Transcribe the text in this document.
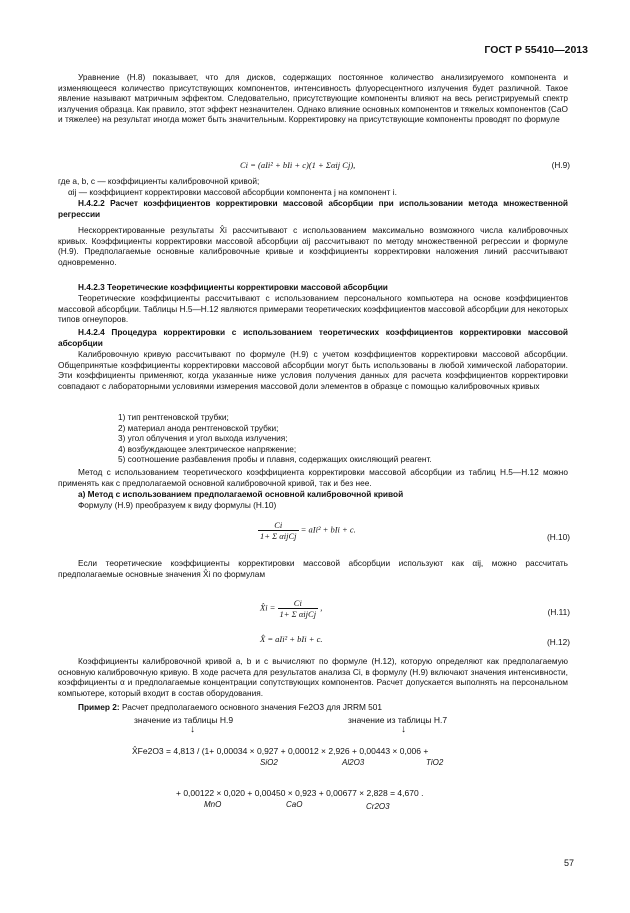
ГОСТ Р 55410—2013
Уравнение (Н.8) показывает, что для дисков, содержащих постоянное количество анализируемого компонента и изменяющееся количество присутствующих компонентов, интенсивность флуоресцентного излучения будет различной. Такое явление называют матричным эффектом. Следовательно, присутствующие компоненты влияют на весь регистрируемый спектр излучения образца. Как правило, этот эффект незначителен. Однако влияние основных компонентов и тяжелых компонентов (CaO и тяжелее) на результат иногда может быть значительным. Корректировку на присутствующие компоненты проводят по формуле
Ci = (aIi² + bIi + c)(1 + Σαij Cj),	(Н.9)
где a, b, c — коэффициенты калибровочной кривой;
αij — коэффициент корректировки массовой абсорбции компонента j на компонент i.
Н.4.2.2 Расчет коэффициентов корректировки массовой абсорбции при использовании метода множественной регрессии
Нескорректированные результаты X̂i рассчитывают с использованием максимально возможного числа калибровочных кривых. Коэффициенты корректировки массовой абсорбции αij рассчитывают по методу множественной регрессии и формуле (Н.9). Предполагаемые основные калибровочные кривые и коэффициенты корректировки наложения линий рассчитывают одновременно.
Н.4.2.3 Теоретические коэффициенты корректировки массовой абсорбции
Теоретические коэффициенты рассчитывают с использованием персонального компьютера на основе коэффициентов массовой абсорбции. Таблицы Н.5—Н.12 являются примерами теоретических коэффициентов массовой абсорбции для некоторых типов огнеупоров.
Н.4.2.4 Процедура корректировки с использованием теоретических коэффициентов корректировки массовой абсорбции
Калибровочную кривую рассчитывают по формуле (Н.9) с учетом коэффициентов корректировки массовой абсорбции. Общепринятые коэффициенты корректировки массовой абсорбции могут быть использованы в любой химической лаборатории. Эти коэффициенты применяют, когда указанные ниже условия получения данных для расчета коэффициентов корректировки совпадают с лабораторными условиями измерения массовой доли элементов в образце с помощью калибровочных кривых
1) тип рентгеновской трубки;
2) материал анода рентгеновской трубки;
3) угол облучения и угол выхода излучения;
4) возбуждающее электрическое напряжение;
5) соотношение разбавления пробы и плавня, содержащих окисляющий реагент.
Метод с использованием теоретического коэффициента корректировки массовой абсорбции из таблиц Н.5—Н.12 можно применять как с предполагаемой основной калибровочной кривой, так и без нее.
а) Метод с использованием предполагаемой основной калибровочной кривой
Формулу (Н.9) преобразуем к виду формулы (Н.10)
$\frac{Ci}{\text{1+ Σ αijCj}} = aIi^2$ + bIi + c.
(Н.10)
Если теоретические коэффициенты корректировки массовой абсорбции используют как αij, можно рассчитать предполагаемые основные значения X̂i по формулам
X̂i = $\frac{Ci}{\text{1+ Σ αijCj}}$ ,	(Н.11)
X̂ = aIi² + bIi + c.	(Н.12)
Коэффициенты калибровочной кривой a, b и c вычисляют по формуле (Н.12), которую определяют как предполагаемую основную калибровочную кривую. В ходе расчета для результатов анализа Ci, в формулу (Н.9) включают значения интенсивности, коэффициенты α и предполагаемые концентрации сопутствующих компонентов. Расчет допускается выполнять на персональном компьютере, который входит в состав оборудования.
Пример 2: Расчет предполагаемого основного значения Fe2O3 для JRRM 501
значение из таблицы Н.9	значение из таблицы Н.7
↓	↓
X̂Fe2O3 = 4,813 / (1+ 0,00034 × 0,927 + 0,00012 × 2,926 + 0,00443 × 0,006 +
SiO2	Al2O3	TiO2
+ 0,00122 × 0,020 + 0,00450 × 0,923 + 0,00677 × 2,828 = 4,670 .
MnO	CaO	Cr2O3
57
